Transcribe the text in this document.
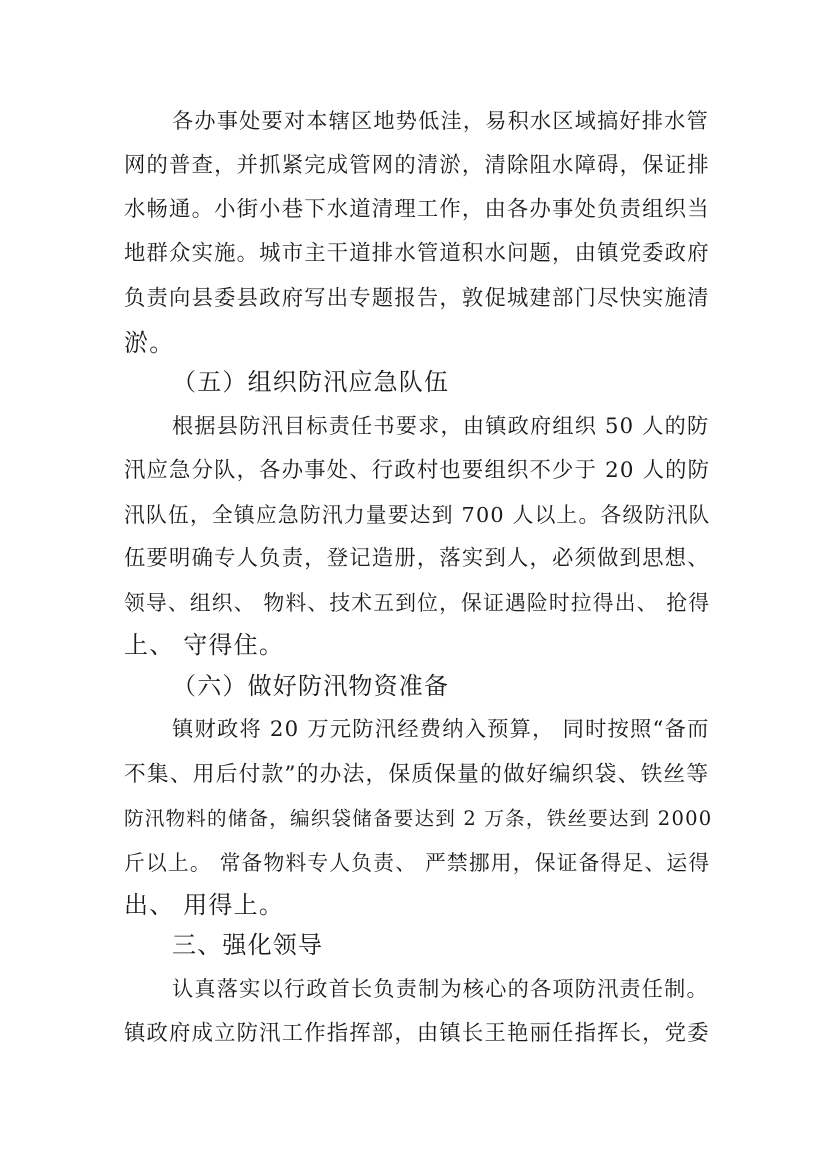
各办事处要对本辖区地势低洼，易积水区域搞好排水管
网的普查，并抓紧完成管网的清淤，清除阻水障碍，保证排
水畅通。小街小巷下水道清理工作，由各办事处负责组织当
地群众实施。城市主干道排水管道积水问题，由镇党委政府
负责向县委县政府写出专题报告，敦促城建部门尽快实施清
淤。
（五）组织防汛应急队伍
根据县防汛目标责任书要求，由镇政府组织 50 人的防
汛应急分队，各办事处、行政村也要组织不少于 20 人的防
汛队伍，全镇应急防汛力量要达到 700 人以上。各级防汛队
伍要明确专人负责，登记造册，落实到人，必须做到思想、
领导、组织、 物料、技术五到位，保证遇险时拉得出、 抢得
上、 守得住。
（六）做好防汛物资准备
镇财政将 20 万元防汛经费纳入预算， 同时按照“备而
不集、用后付款”的办法，保质保量的做好编织袋、铁丝等
防汛物料的储备，编织袋储备要达到 2 万条，铁丝要达到 2000
斤以上。 常备物料专人负责、 严禁挪用，保证备得足、运得
出、 用得上。
三、强化领导
认真落实以行政首长负责制为核心的各项防汛责任制。
镇政府成立防汛工作指挥部，由镇长王艳丽任指挥长，党委
